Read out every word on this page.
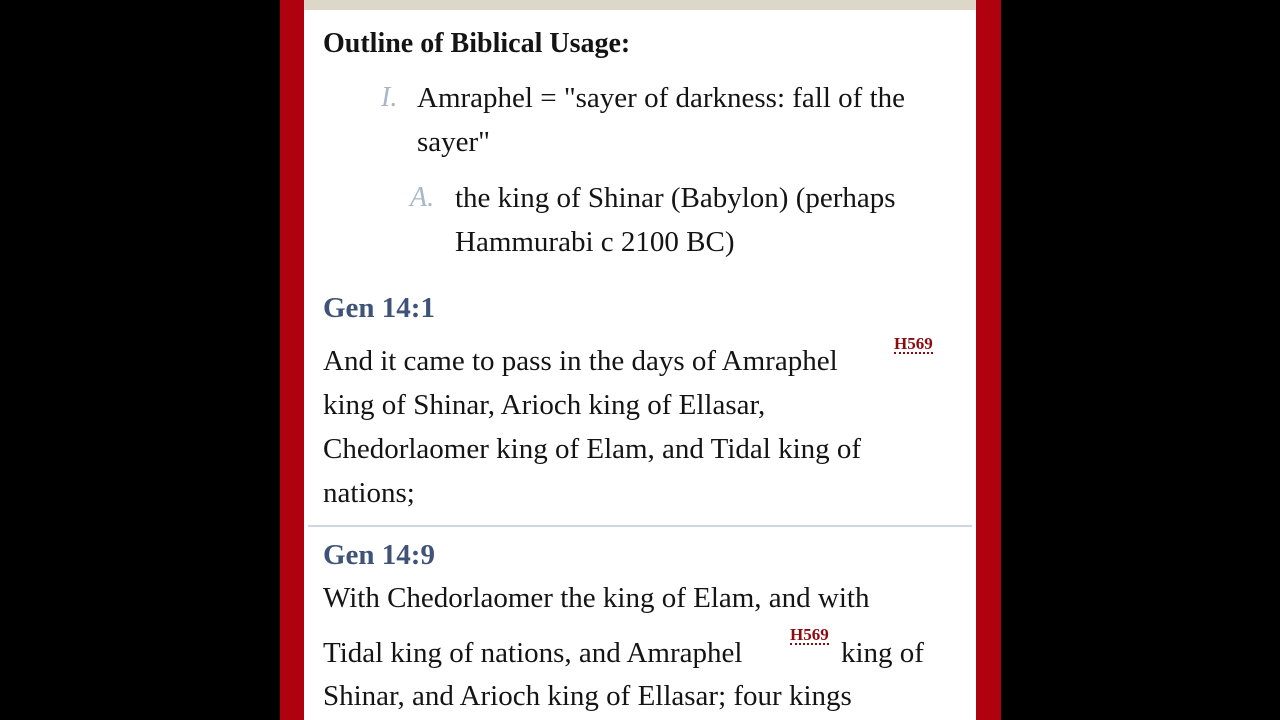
Outline of Biblical Usage:
I. Amraphel = "sayer of darkness: fall of the
sayer"
A. the king of Shinar (Babylon) (perhaps
Hammurabi c 2100 BC)
Gen 14:1
And it came to pass in the days of Amraphel
H569
king of Shinar, Arioch king of Ellasar,
Chedorlaomer king of Elam, and Tidal king of
nations;
Gen 14:9
With Chedorlaomer the king of Elam, and with
Tidal king of nations, and Amraphel
H569
king of
Shinar, and Arioch king of Ellasar; four kings
